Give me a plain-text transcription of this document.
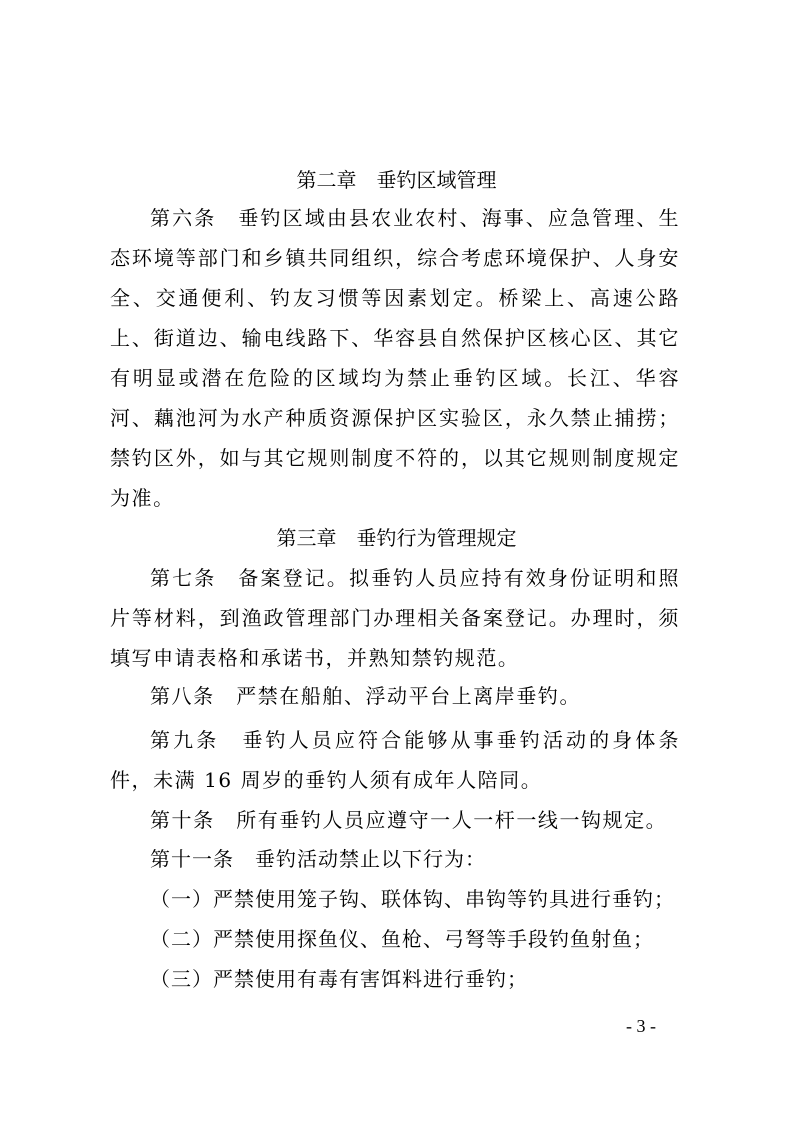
第二章　垂钓区域管理
第六条　垂钓区域由县农业农村、海事、应急管理、生态环境等部门和乡镇共同组织，综合考虑环境保护、人身安全、交通便利、钓友习惯等因素划定。桥梁上、高速公路上、街道边、输电线路下、华容县自然保护区核心区、其它有明显或潜在危险的区域均为禁止垂钓区域。长江、华容河、藕池河为水产种质资源保护区实验区，永久禁止捕捞；禁钓区外，如与其它规则制度不符的，以其它规则制度规定为准。
第三章　垂钓行为管理规定
第七条　备案登记。拟垂钓人员应持有效身份证明和照片等材料，到渔政管理部门办理相关备案登记。办理时，须填写申请表格和承诺书，并熟知禁钓规范。
第八条　严禁在船舶、浮动平台上离岸垂钓。
第九条　垂钓人员应符合能够从事垂钓活动的身体条件，未满 16 周岁的垂钓人须有成年人陪同。
第十条　所有垂钓人员应遵守一人一杆一线一钩规定。
第十一条　垂钓活动禁止以下行为：
（一）严禁使用笼子钩、联体钩、串钩等钓具进行垂钓；
（二）严禁使用探鱼仪、鱼枪、弓弩等手段钓鱼射鱼；
（三）严禁使用有毒有害饵料进行垂钓；
- 3 -
